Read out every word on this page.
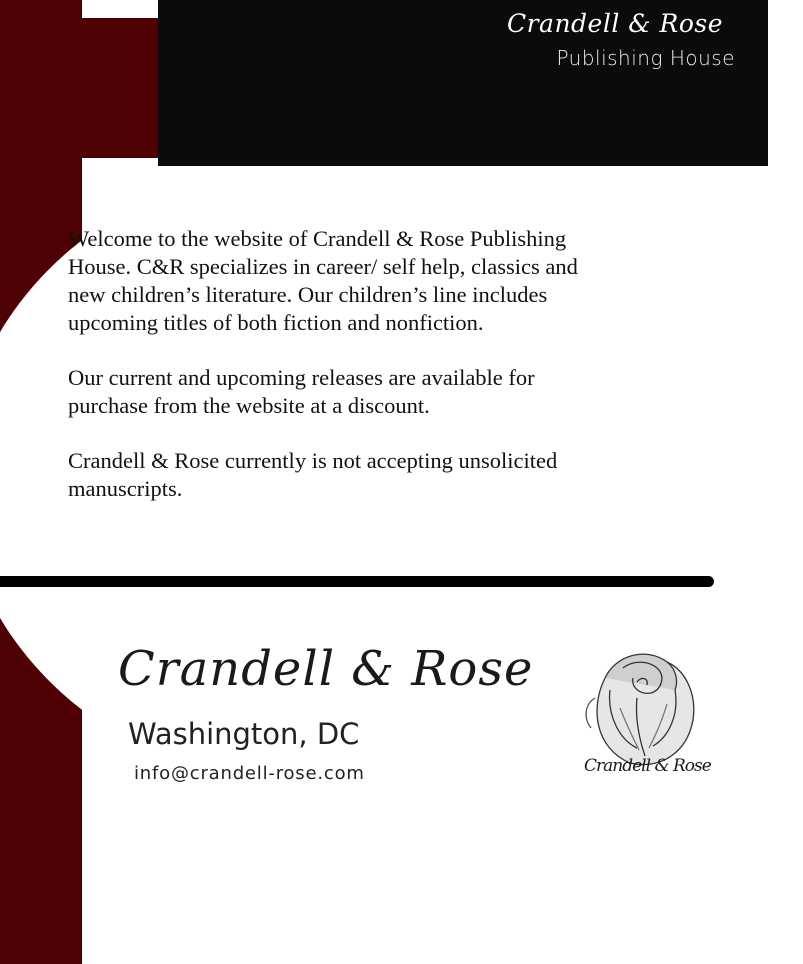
Crandell & Rose
Publishing House

Welcome to the website of Crandell & Rose Publishing House. C&R specializes in career/ self help, classics and new children’s literature. Our children’s line includes upcoming titles of both fiction and nonfiction.

Our current and upcoming releases are available for purchase from the website at a discount.

Crandell & Rose currently is not accepting unsolicited manuscripts.

Crandell & Rose
Washington, DC
info@crandell-rose.com	Crandell & Rose
